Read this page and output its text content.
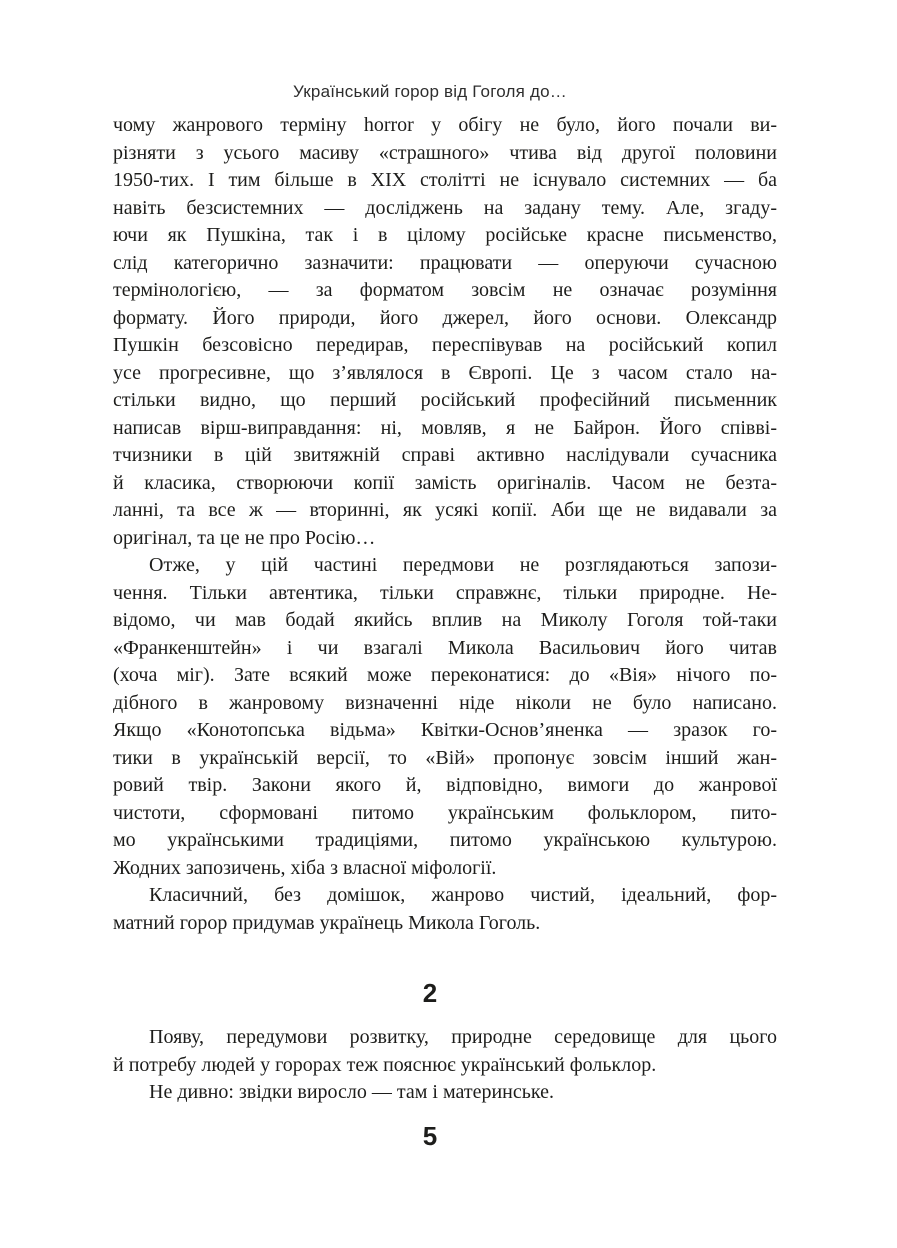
Український горор від Гоголя до…
чому жанрового терміну horror у обігу не було, його почали ви-
різняти з усього масиву «страшного» чтива від другої половини
1950-тих. І тим більше в XIX столітті не існувало системних — ба
навіть безсистемних — досліджень на задану тему. Але, згаду-
ючи як Пушкіна, так і в цілому російське красне письменство,
слід категорично зазначити: працювати — оперуючи сучасною
термінологією, — за форматом зовсім не означає розуміння
формату. Його природи, його джерел, його основи. Олександр
Пушкін безсовісно передирав, переспівував на російський копил
усе прогресивне, що з’являлося в Європі. Це з часом стало на-
стільки видно, що перший російський професійний письменник
написав вірш-виправдання: ні, мовляв, я не Байрон. Його співві-
тчизники в цій звитяжній справі активно наслідували сучасника
й класика, створюючи копії замість оригіналів. Часом не безта-
ланні, та все ж — вторинні, як усякі копії. Аби ще не видавали за
оригінал, та це не про Росію…
Отже, у цій частині передмови не розглядаються запози-
чення. Тільки автентика, тільки справжнє, тільки природне. Не-
відомо, чи мав бодай якийсь вплив на Миколу Гоголя той-таки
«Франкенштейн» і чи взагалі Микола Васильович його читав
(хоча міг). Зате всякий може переконатися: до «Вія» нічого по-
дібного в жанровому визначенні ніде ніколи не було написано.
Якщо «Конотопська відьма» Квітки-Основ’яненка — зразок го-
тики в українській версії, то «Вій» пропонує зовсім інший жан-
ровий твір. Закони якого й, відповідно, вимоги до жанрової
чистоти, сформовані питомо українським фольклором, пито-
мо українськими традиціями, питомо українською культурою.
Жодних запозичень, хіба з власної міфології.
Класичний, без домішок, жанрово чистий, ідеальний, фор-
матний горор придумав українець Микола Гоголь.
2
Появу, передумови розвитку, природне середовище для цього
й потребу людей у горорах теж пояснює український фольклор.
Не дивно: звідки виросло — там і материнське.
5
